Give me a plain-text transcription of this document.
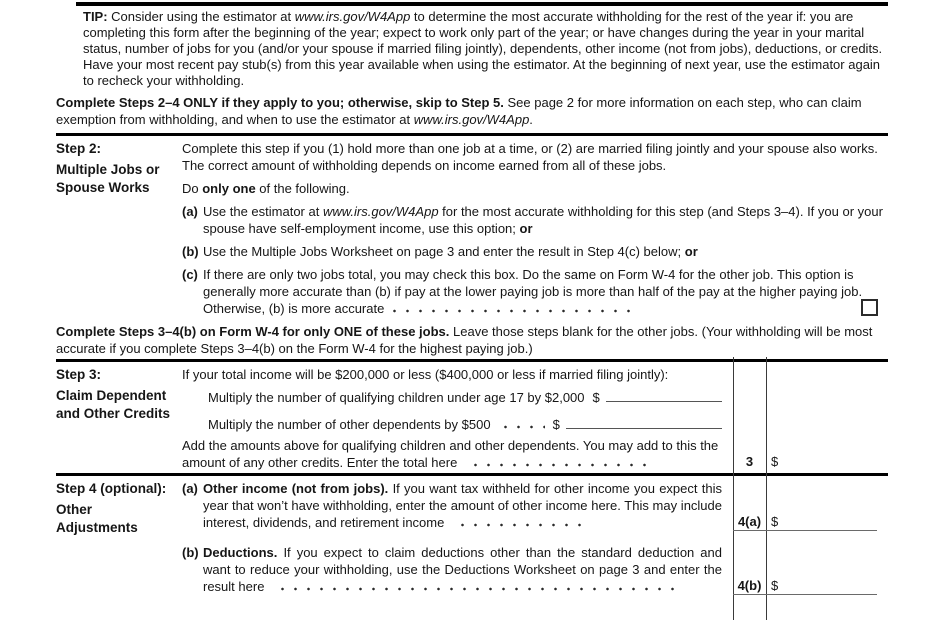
TIP: Consider using the estimator at www.irs.gov/W4App to determine the most accurate withholding for the rest of the year if: you are completing this form after the beginning of the year; expect to work only part of the year; or have changes during the year in your marital status, number of jobs for you (and/or your spouse if married filing jointly), dependents, other income (not from jobs), deductions, or credits. Have your most recent pay stub(s) from this year available when using the estimator. At the beginning of next year, use the estimator again to recheck your withholding.
Complete Steps 2–4 ONLY if they apply to you; otherwise, skip to Step 5. See page 2 for more information on each step, who can claim exemption from withholding, and when to use the estimator at www.irs.gov/W4App.
Step 2:
Multiple Jobs or Spouse Works
Complete this step if you (1) hold more than one job at a time, or (2) are married filing jointly and your spouse also works. The correct amount of withholding depends on income earned from all of these jobs.
Do only one of the following.
(a) Use the estimator at www.irs.gov/W4App for the most accurate withholding for this step (and Steps 3–4). If you or your spouse have self-employment income, use this option; or
(b) Use the Multiple Jobs Worksheet on page 3 and enter the result in Step 4(c) below; or
(c) If there are only two jobs total, you may check this box. Do the same on Form W-4 for the other job. This option is generally more accurate than (b) if pay at the lower paying job is more than half of the pay at the higher paying job. Otherwise, (b) is more accurate
Complete Steps 3–4(b) on Form W-4 for only ONE of these jobs. Leave those steps blank for the other jobs. (Your withholding will be most accurate if you complete Steps 3–4(b) on the Form W-4 for the highest paying job.)
Step 3:
Claim Dependent and Other Credits
If your total income will be $200,000 or less ($400,000 or less if married filing jointly):
Multiply the number of qualifying children under age 17 by $2,000 $
Multiply the number of other dependents by $500	$
Add the amounts above for qualifying children and other dependents. You may add to this the amount of any other credits. Enter the total here	3	$
Step 4 (optional):
Other Adjustments
(a) Other income (not from jobs). If you want tax withheld for other income you expect this year that won’t have withholding, enter the amount of other income here. This may include interest, dividends, and retirement income	4(a) $
(b) Deductions. If you expect to claim deductions other than the standard deduction and want to reduce your withholding, use the Deductions Worksheet on page 3 and enter the result here	4(b) $
